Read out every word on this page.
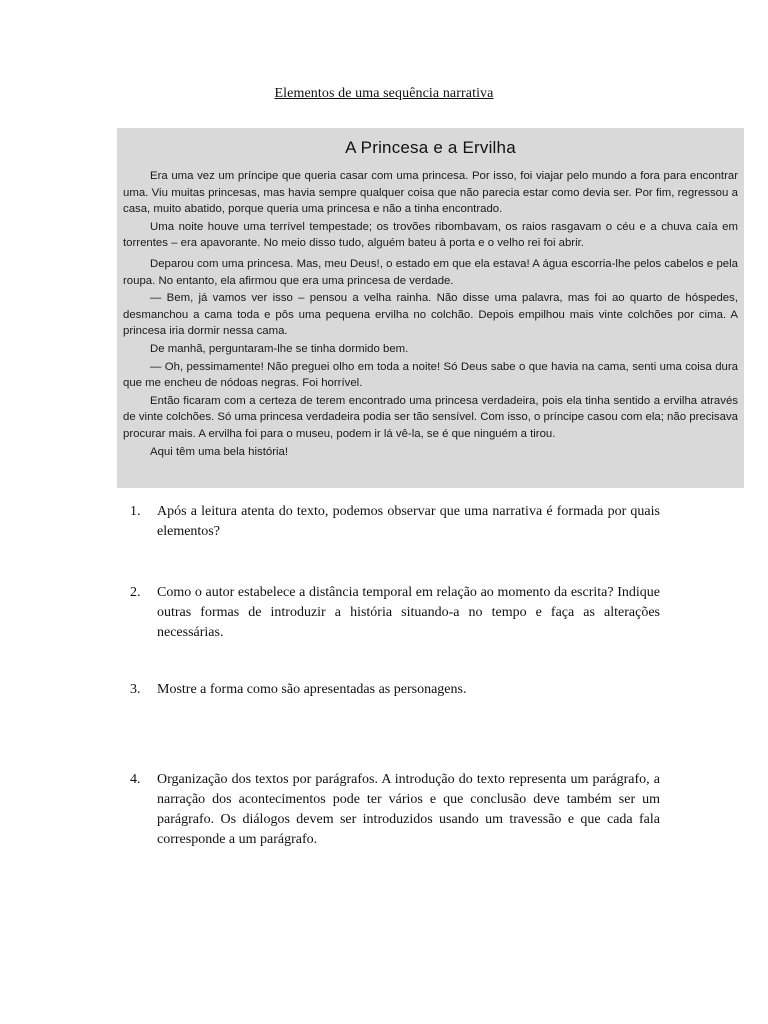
Elementos de uma sequência narrativa
A Princesa e a Ervilha

Era uma vez um príncipe que queria casar com uma princesa. Por isso, foi viajar pelo mundo a fora para encontrar uma. Viu muitas princesas, mas havia sempre qualquer coisa que não parecia estar como devia ser. Por fim, regressou a casa, muito abatido, porque queria uma princesa e não a tinha encontrado.

Uma noite houve uma terrível tempestade; os trovões ribombavam, os raios rasgavam o céu e a chuva caía em torrentes – era apavorante. No meio disso tudo, alguém bateu à porta e o velho rei foi abrir.

Deparou com uma princesa. Mas, meu Deus!, o estado em que ela estava! A água escorria-lhe pelos cabelos e pela roupa. No entanto, ela afirmou que era uma princesa de verdade.

— Bem, já vamos ver isso – pensou a velha rainha. Não disse uma palavra, mas foi ao quarto de hóspedes, desmanchou a cama toda e pôs uma pequena ervilha no colchão. Depois empilhou mais vinte colchões por cima. A princesa iria dormir nessa cama.

De manhã, perguntaram-lhe se tinha dormido bem.

— Oh, pessimamente! Não preguei olho em toda a noite! Só Deus sabe o que havia na cama, senti uma coisa dura que me encheu de nódoas negras. Foi horrível.

Então ficaram com a certeza de terem encontrado uma princesa verdadeira, pois ela tinha sentido a ervilha através de vinte colchões. Só uma princesa verdadeira podia ser tão sensível. Com isso, o príncipe casou com ela; não precisava procurar mais. A ervilha foi para o museu, podem ir lá vê-la, se é que ninguém a tirou.

Aqui têm uma bela história!

1. Após a leitura atenta do texto, podemos observar que uma narrativa é formada por quais elementos?
2. Como o autor estabelece a distância temporal em relação ao momento da escrita? Indique outras formas de introduzir a história situando-a no tempo e faça as alterações necessárias.
3. Mostre a forma como são apresentadas as personagens.
4. Organização dos textos por parágrafos. A introdução do texto representa um parágrafo, a narração dos acontecimentos pode ter vários e que conclusão deve também ser um parágrafo. Os diálogos devem ser introduzidos usando um travessão e que cada fala corresponde a um parágrafo.
